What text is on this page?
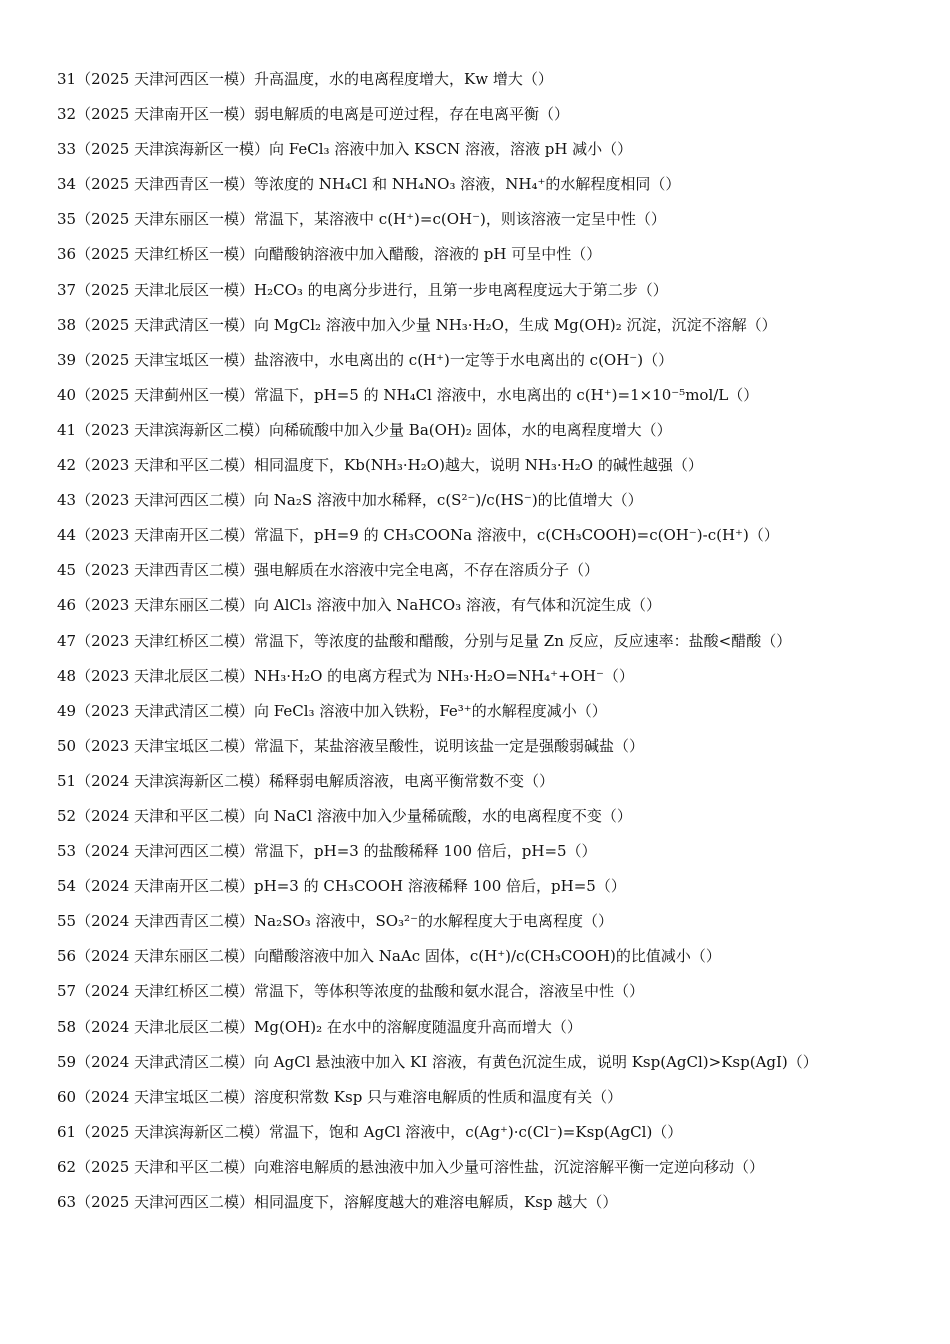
31（2025 天津河西区一模）升高温度，水的电离程度增大，Kw 增大（）
32（2025 天津南开区一模）弱电解质的电离是可逆过程，存在电离平衡（）
33（2025 天津滨海新区一模）向 FeCl₃ 溶液中加入 KSCN 溶液，溶液 pH 减小（）
34（2025 天津西青区一模）等浓度的 NH₄Cl 和 NH₄NO₃ 溶液，NH₄⁺的水解程度相同（）
35（2025 天津东丽区一模）常温下，某溶液中 c(H⁺)=c(OH⁻)，则该溶液一定呈中性（）
36（2025 天津红桥区一模）向醋酸钠溶液中加入醋酸，溶液的 pH 可呈中性（）
37（2025 天津北辰区一模）H₂CO₃ 的电离分步进行，且第一步电离程度远大于第二步（）
38（2025 天津武清区一模）向 MgCl₂ 溶液中加入少量 NH₃·H₂O，生成 Mg(OH)₂ 沉淀，沉淀不溶解（）
39（2025 天津宝坻区一模）盐溶液中，水电离出的 c(H⁺)一定等于水电离出的 c(OH⁻)（）
40（2025 天津蓟州区一模）常温下，pH=5 的 NH₄Cl 溶液中，水电离出的 c(H⁺)=1×10⁻⁵mol/L（）
41（2023 天津滨海新区二模）向稀硫酸中加入少量 Ba(OH)₂ 固体，水的电离程度增大（）
42（2023 天津和平区二模）相同温度下，Kb(NH₃·H₂O)越大，说明 NH₃·H₂O 的碱性越强（）
43（2023 天津河西区二模）向 Na₂S 溶液中加水稀释，c(S²⁻)/c(HS⁻)的比值增大（）
44（2023 天津南开区二模）常温下，pH=9 的 CH₃COONa 溶液中，c(CH₃COOH)=c(OH⁻)-c(H⁺)（）
45（2023 天津西青区二模）强电解质在水溶液中完全电离，不存在溶质分子（）
46（2023 天津东丽区二模）向 AlCl₃ 溶液中加入 NaHCO₃ 溶液，有气体和沉淀生成（）
47（2023 天津红桥区二模）常温下，等浓度的盐酸和醋酸，分别与足量 Zn 反应，反应速率：盐酸<醋酸（）
48（2023 天津北辰区二模）NH₃·H₂O 的电离方程式为 NH₃·H₂O=NH₄⁺+OH⁻（）
49（2023 天津武清区二模）向 FeCl₃ 溶液中加入铁粉，Fe³⁺的水解程度减小（）
50（2023 天津宝坻区二模）常温下，某盐溶液呈酸性，说明该盐一定是强酸弱碱盐（）
51（2024 天津滨海新区二模）稀释弱电解质溶液，电离平衡常数不变（）
52（2024 天津和平区二模）向 NaCl 溶液中加入少量稀硫酸，水的电离程度不变（）
53（2024 天津河西区二模）常温下，pH=3 的盐酸稀释 100 倍后，pH=5（）
54（2024 天津南开区二模）pH=3 的 CH₃COOH 溶液稀释 100 倍后，pH=5（）
55（2024 天津西青区二模）Na₂SO₃ 溶液中，SO₃²⁻的水解程度大于电离程度（）
56（2024 天津东丽区二模）向醋酸溶液中加入 NaAc 固体，c(H⁺)/c(CH₃COOH)的比值减小（）
57（2024 天津红桥区二模）常温下，等体积等浓度的盐酸和氨水混合，溶液呈中性（）
58（2024 天津北辰区二模）Mg(OH)₂ 在水中的溶解度随温度升高而增大（）
59（2024 天津武清区二模）向 AgCl 悬浊液中加入 KI 溶液，有黄色沉淀生成，说明 Ksp(AgCl)>Ksp(AgI)（）
60（2024 天津宝坻区二模）溶度积常数 Ksp 只与难溶电解质的性质和温度有关（）
61（2025 天津滨海新区二模）常温下，饱和 AgCl 溶液中，c(Ag⁺)·c(Cl⁻)=Ksp(AgCl)（）
62（2025 天津和平区二模）向难溶电解质的悬浊液中加入少量可溶性盐，沉淀溶解平衡一定逆向移动（）
63（2025 天津河西区二模）相同温度下，溶解度越大的难溶电解质，Ksp 越大（）
